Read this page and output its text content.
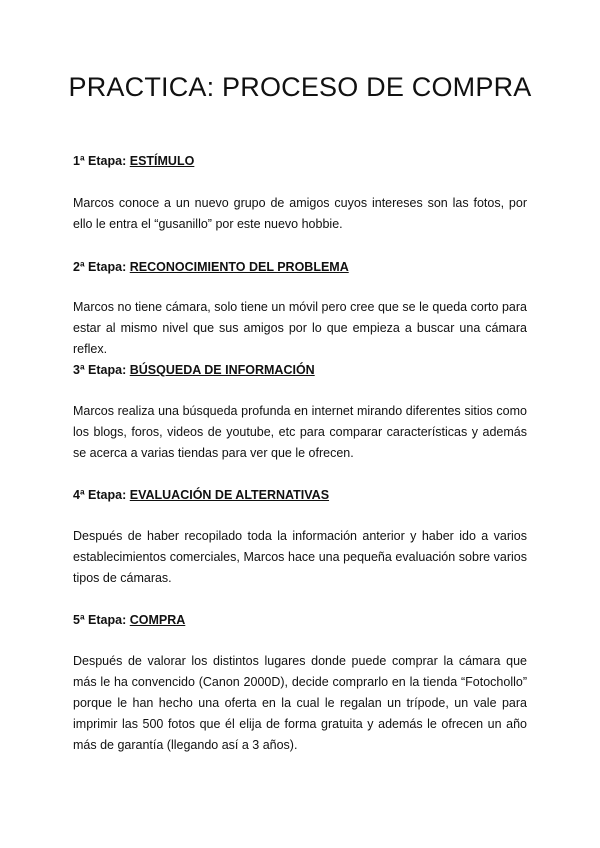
PRACTICA: PROCESO DE COMPRA

1ª Etapa: ESTÍMULO

Marcos conoce a un nuevo grupo de amigos cuyos intereses son las fotos, por ello le entra el “gusanillo” por este nuevo hobbie.

2ª Etapa: RECONOCIMIENTO DEL PROBLEMA

Marcos no tiene cámara, solo tiene un móvil pero cree que se le queda corto para estar al mismo nivel que sus amigos por lo que empieza a buscar una cámara reflex.

3ª Etapa: BÚSQUEDA DE INFORMACIÓN

Marcos realiza una búsqueda profunda en internet mirando diferentes sitios como los blogs, foros, videos de youtube, etc para comparar características y además se acerca a varias tiendas para ver que le ofrecen.

4ª Etapa: EVALUACIÓN DE ALTERNATIVAS

Después de haber recopilado toda la información anterior y haber ido a varios establecimientos comerciales, Marcos hace una pequeña evaluación sobre varios tipos de cámaras.

5ª Etapa: COMPRA

Después de valorar los distintos lugares donde puede comprar la cámara que más le ha convencido (Canon 2000D), decide comprarlo en la tienda “Fotochollo” porque le han hecho una oferta en la cual le regalan un trípode, un vale para imprimir las 500 fotos que él elija de forma gratuita y además le ofrecen un año más de garantía (llegando así a 3 años).
